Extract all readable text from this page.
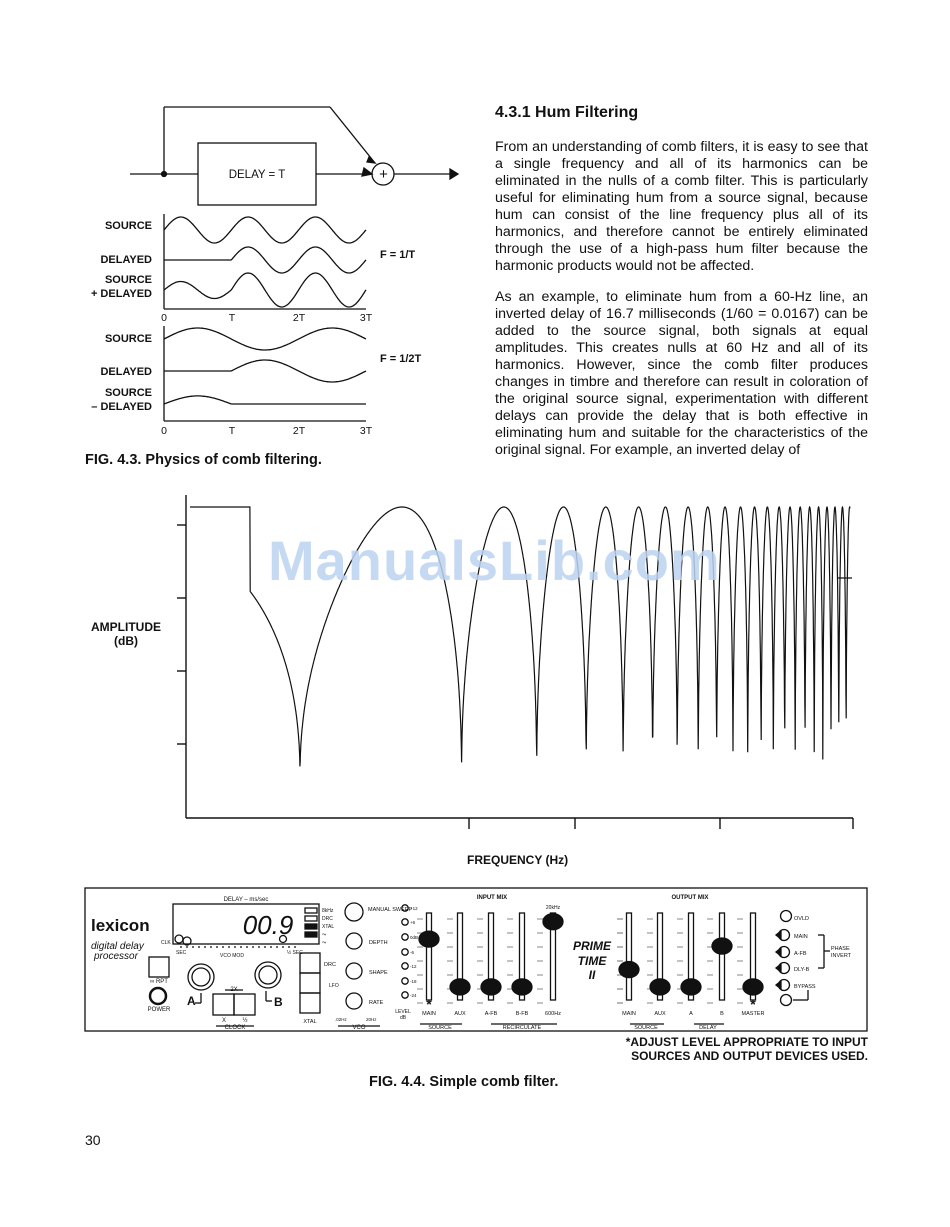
DELAY = T	+
SOURCE
DELAYED
SOURCE
+ DELAYED
F = 1/T
0	T	2T	3T
SOURCE
DELAYED
SOURCE
– DELAYED
F = 1/2T
0	T	2T	3T
FIG. 4.3. Physics of comb filtering.
4.3.1 Hum Filtering

From an understanding of comb filters, it is easy to see that a single frequency and all of its harmonics can be eliminated in the nulls of a comb filter. This is particularly useful for eliminating hum from a source signal, because hum can consist of the line frequency plus all of its harmonics, and therefore cannot be entirely eliminated through the use of a high-pass hum filter because the harmonic products would not be affected.

As an example, to eliminate hum from a 60-Hz line, an inverted delay of 16.7 milliseconds (1/60 = 0.0167) can be added to the source signal, both signals at equal amplitudes. This creates nulls at 60 Hz and all of its harmonics. However, since the comb filter produces changes in timbre and therefore can result in coloration of the original source signal, experimentation with different delays can provide the delay that is both effective in eliminating hum and suitable for the characteristics of the original signal. For example, an inverted delay of

AMPLITUDE
(dB)
FREQUENCY (Hz)
ManualsLib.com
MAIN	AUX	A-FB	B-FB	600Hz	MAIN	AUX	A	B	MASTER
lexicon
digital delay
processor
DELAY – ms/sec
00.9	8kHz
DRC
XTAL
⤳
⤳
CLK
SEC	VCO MOD	½ SEC
∞ RPT
POWER
A	B
2X
X	½
CLOCK
DRC
XTAL
LFO
MANUAL SWEEP
DEPTH
SHAPE
RATE
VCO
.02Hz	20Hz
INPUT MIX
20kHz
LEVEL
dB
+12
+6
0dB
-6
-12
-18
-24
SOURCE	RECIRCULATE
PRIME
TIME
II
OUTPUT MIX
SOURCE	DELAY
OVLD
MAIN
A-FB
DLY-B
BYPASS
PHASE
INVERT
*	*
*ADJUST LEVEL APPROPRIATE TO INPUT
SOURCES AND OUTPUT DEVICES USED.
FIG. 4.4. Simple comb filter.
30
